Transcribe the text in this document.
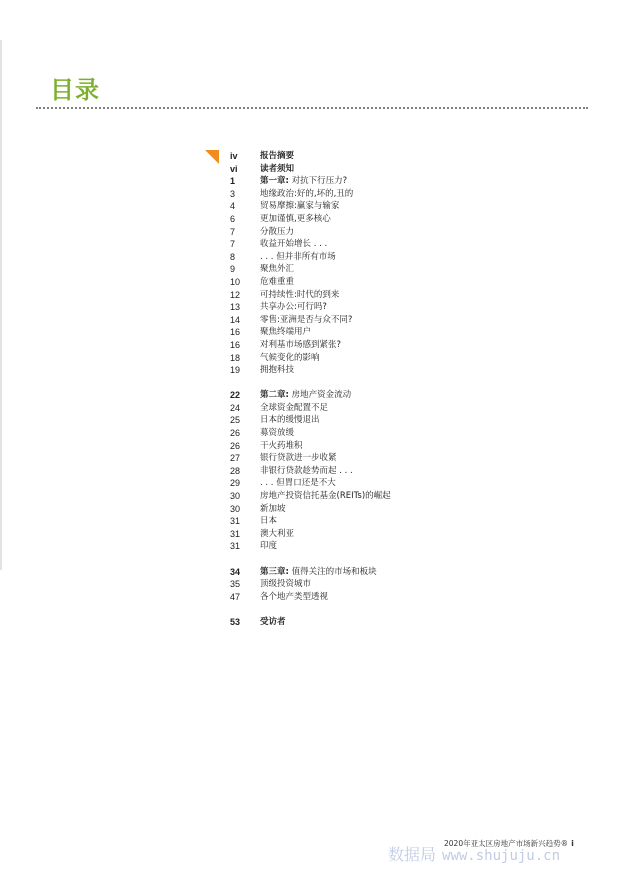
目录
iv	报告摘要
vi	读者须知
1	第一章: 对抗下行压力?
3	地缘政治:好的,坏的,丑的
4	贸易摩擦:赢家与输家
6	更加谨慎,更多核心
7	分散压力
7	收益开始增长 . . .
8	. . . 但并非所有市场
9	聚焦外汇
10	危难重重
12	可持续性:时代的到来
13	共享办公:可行吗?
14	零售:亚洲是否与众不同?
16	聚焦终端用户
16	对利基市场感到紧张?
18	气候变化的影响
19	拥抱科技
22	第二章: 房地产资金流动
24	全球资金配置不足
25	日本的缓慢退出
26	募资放缓
26	干火药堆积
27	银行贷款进一步收紧
28	非银行贷款趁势而起 . . .
29	. . . 但胃口还是不大
30	房地产投资信托基金(REITs)的崛起
30	新加坡
31	日本
31	澳大利亚
31	印度
34	第三章: 值得关注的市场和板块
35	顶级投资城市
47	各个地产类型透视
53	受访者
2020年亚太区房地产市场新兴趋势® i
数据局 www.shujuju.cn
